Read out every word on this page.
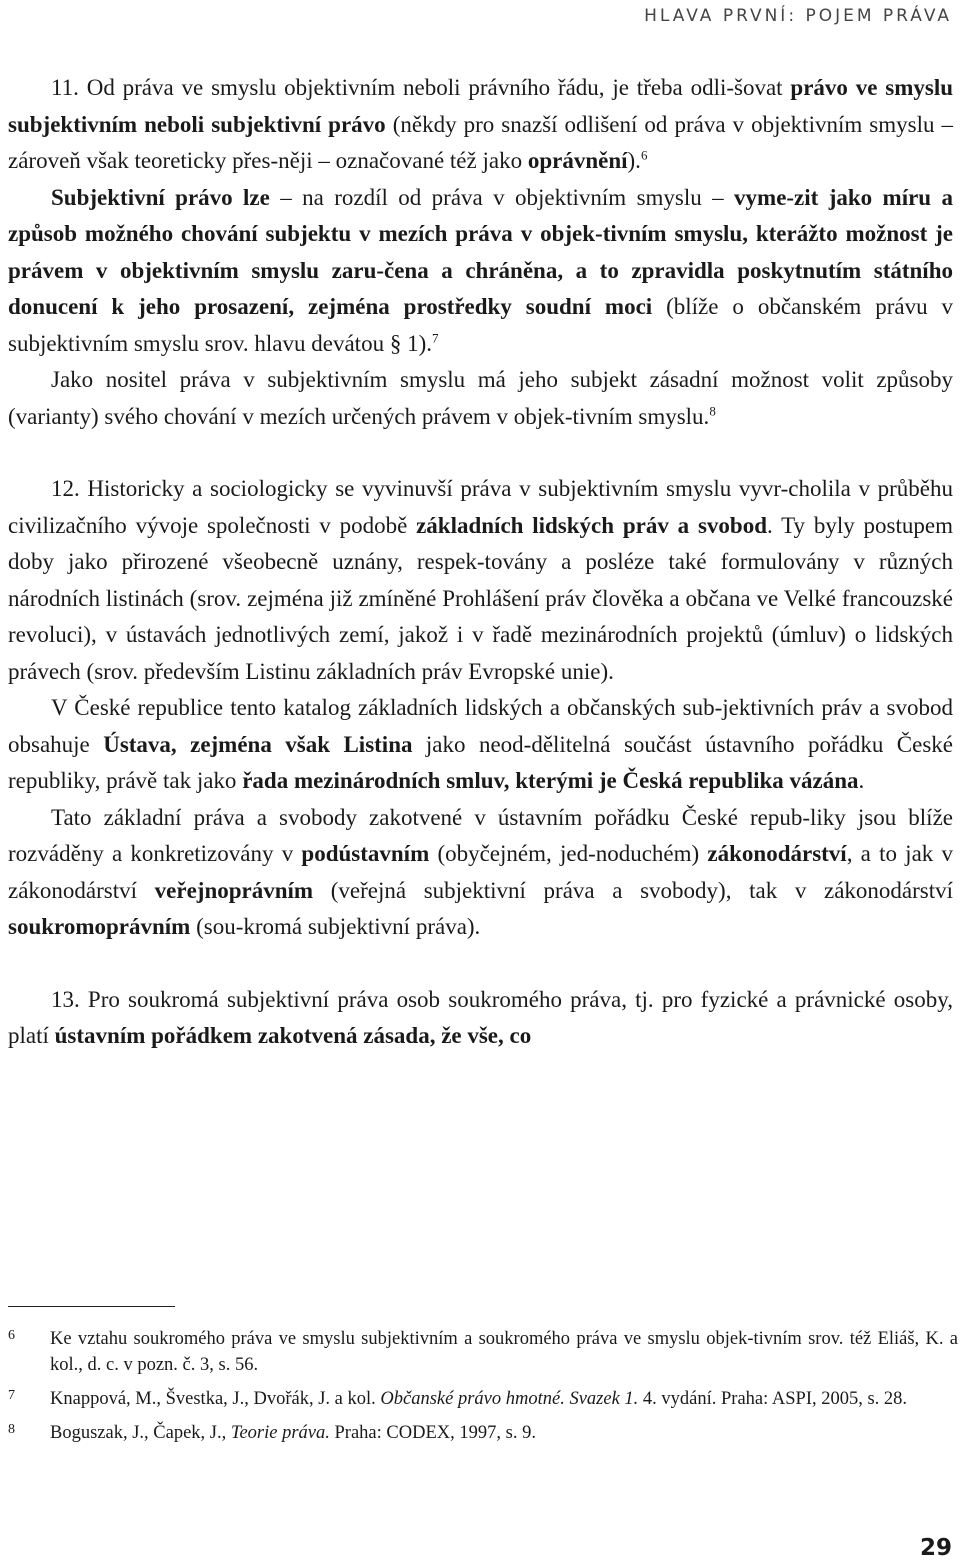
HLAVA PRVNÍ: POJEM PRÁVA

11. Od práva ve smyslu objektivním neboli právního řádu, je třeba odli-šovat právo ve smyslu subjektivním neboli subjektivní právo (někdy pro snazší odlišení od práva v objektivním smyslu – zároveň však teoreticky přes-něji – označované též jako oprávnění).$^6$

Subjektivní právo lze – na rozdíl od práva v objektivním smyslu – vyme-zit jako míru a způsob možného chování subjektu v mezích práva v objek-tivním smyslu, kterážto možnost je právem v objektivním smyslu zaru-čena a chráněna, a to zpravidla poskytnutím státního donucení k jeho prosazení, zejména prostředky soudní moci (blíže o občanském právu v subjektivním smyslu srov. hlavu devátou § 1).$^7$

Jako nositel práva v subjektivním smyslu má jeho subjekt zásadní možnost volit způsoby (varianty) svého chování v mezích určených právem v objek-tivním smyslu.$^8$

12. Historicky a sociologicky se vyvinuvší práva v subjektivním smyslu vyvr-cholila v průběhu civilizačního vývoje společnosti v podobě základních lidských práv a svobod. Ty byly postupem doby jako přirozené všeobecně uznány, respek-továny a posléze také formulovány v různých národních listinách (srov. zejména již zmíněné Prohlášení práv člověka a občana ve Velké francouzské revoluci), v ústavách jednotlivých zemí, jakož i v řadě mezinárodních projektů (úmluv) o lidských právech (srov. především Listinu základních práv Evropské unie).

V České republice tento katalog základních lidských a občanských sub-jektivních práv a svobod obsahuje Ústava, zejména však Listina jako neod-dělitelná součást ústavního pořádku České republiky, právě tak jako řada mezinárodních smluv, kterými je Česká republika vázána.

Tato základní práva a svobody zakotvené v ústavním pořádku České repub-liky jsou blíže rozváděny a konkretizovány v podústavním (obyčejném, jed-noduchém) zákonodárství, a to jak v zákonodárství veřejnoprávním (veřejná subjektivní práva a svobody), tak v zákonodárství soukromoprávním (sou-kromá subjektivní práva).

13. Pro soukromá subjektivní práva osob soukromého práva, tj. pro fyzické a právnické osoby, platí ústavním pořádkem zakotvená zásada, že vše, co

6 Ke vztahu soukromého práva ve smyslu subjektivním a soukromého práva ve smyslu objek-tivním srov. též Eliáš, K. a kol., d. c. v pozn. č. 3, s. 56.
7 Knappová, M., Švestka, J., Dvořák, J. a kol. Občanské právo hmotné. Svazek 1. 4. vydání. Praha: ASPI, 2005, s. 28.
8 Boguszak, J., Čapek, J., Teorie práva. Praha: CODEX, 1997, s. 9.
29
